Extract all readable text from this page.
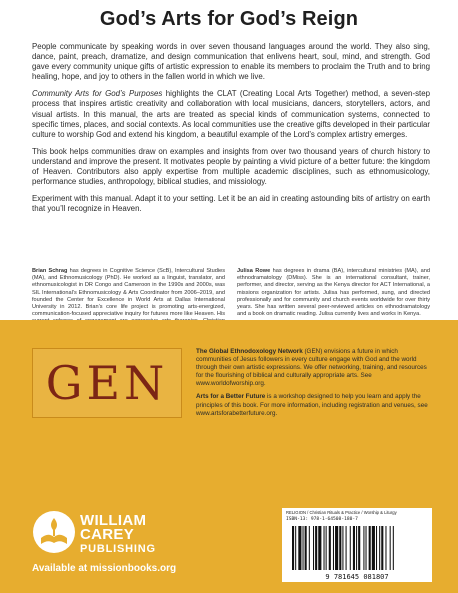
God’s Arts for God’s Reign

People communicate by speaking words in over seven thousand languages around the world. They also sing, dance, paint, preach, dramatize, and design communication that enlivens heart, soul, mind, and strength. God gave every community unique gifts of artistic expression to enable its members to proclaim the Truth and to bring healing, hope, and joy to others in the fallen world in which we live.

Community Arts for God’s Purposes highlights the CLAT (Creating Local Arts Together) method, a seven-step process that inspires artistic creativity and collaboration with local musicians, dancers, storytellers, actors, and visual artists. In this manual, the arts are treated as special kinds of communication systems, connected to specific times, places, and social contexts. As local communities use the creative gifts developed in their particular culture to worship God and extend his kingdom, a beautiful example of the Lord’s complex artistry emerges.

This book helps communities draw on examples and insights from over two thousand years of church history to understand and improve the present. It motivates people by painting a vivid picture of a better future: the kingdom of Heaven. Contributors also apply expertise from multiple academic disciplines, such as ethnomusicology, performance studies, anthropology, biblical studies, and missiology.

Experiment with this manual. Adapt it to your setting. Let it be an aid in creating astounding bits of artistry on earth that you’ll recognize in Heaven.

Brian Schrag has degrees in Cognitive Science (ScB), Intercultural Studies (MA), and Ethnomusicology (PhD). He worked as a linguist, translator, and ethnomusicologist in DR Congo and Cameroon in the 1990s and 2000s, was SIL International’s Ethnomusicology & Arts Coordinator from 2006–2019, and founded the Center for Excellence in World Arts at Dallas International University in 2012. Brian’s core life project is promoting arts-energized, communication-focused appreciative inquiry for futures more like Heaven. His
Julisa Rowe has degrees in drama (BA), intercultural ministries (MA), and ethnodramatology (DMiss). She is an international consultant, trainer, performer, and director, serving as the Kenya director for ACT International, a missions organization for artists. Julisa has performed, sung, and directed professionally and for community and church events worldwide for over thirty years. She has written several peer-reviewed articles on ethnodramatology and a book on dramatic reading. Julisa currently lives and works in Kenya.
GEN

The Global Ethnodoxology Network (GEN) envisions a future in which communities of Jesus followers in every culture engage with God and the world through their own artistic expressions. We offer networking, training, and resources for the flourishing of biblical and culturally appropriate arts. See www.worldofworship.org.

Arts for a Better Future is a workshop designed to help you learn and apply the principles of this book. For more information, including registration and venues, see www.artsforabetterfuture.org.

WILLIAM
CAREY
PUBLISHING
Available at missionbooks.org
RELIGION / Christian Rituals & Practice / Worship & Liturgy
ISBN-13: 978-1-64508-180-7
9 781645 081807
